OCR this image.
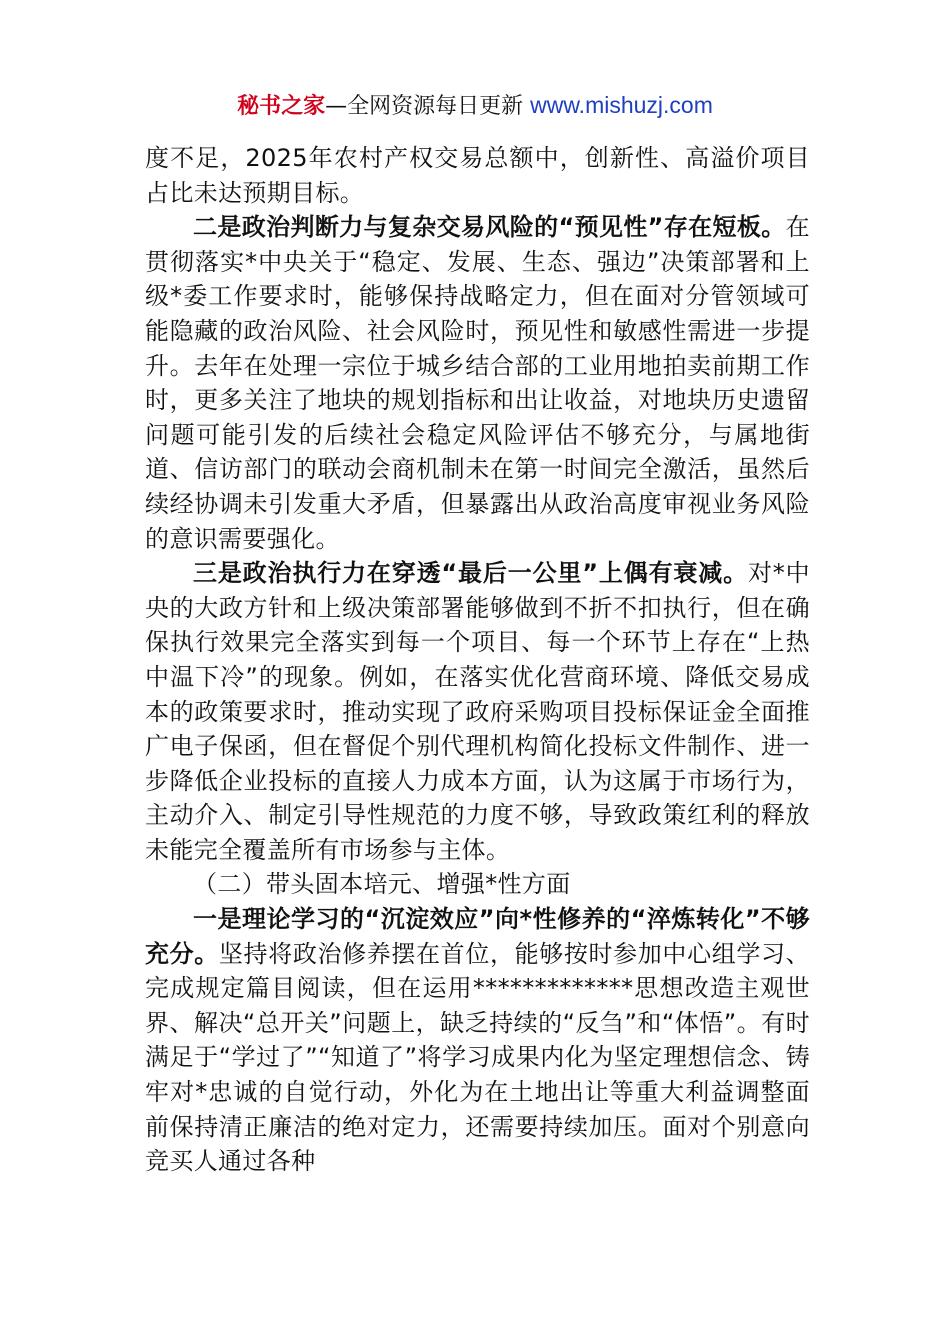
秘书之家—全网资源每日更新 www.mishuzj.com

度不足，2025年农村产权交易总额中，创新性、高溢价项目占比未达预期目标。

二是政治判断力与复杂交易风险的“预见性”存在短板。在贯彻落实*中央关于“稳定、发展、生态、强边”决策部署和上级*委工作要求时，能够保持战略定力，但在面对分管领域可能隐藏的政治风险、社会风险时，预见性和敏感性需进一步提升。去年在处理一宗位于城乡结合部的工业用地拍卖前期工作时，更多关注了地块的规划指标和出让收益，对地块历史遗留问题可能引发的后续社会稳定风险评估不够充分，与属地街道、信访部门的联动会商机制未在第一时间完全激活，虽然后续经协调未引发重大矛盾，但暴露出从政治高度审视业务风险的意识需要强化。

三是政治执行力在穿透“最后一公里”上偶有衰减。对*中央的大政方针和上级决策部署能够做到不折不扣执行，但在确保执行效果完全落实到每一个项目、每一个环节上存在“上热中温下冷”的现象。例如，在落实优化营商环境、降低交易成本的政策要求时，推动实现了政府采购项目投标保证金全面推广电子保函，但在督促个别代理机构简化投标文件制作、进一步降低企业投标的直接人力成本方面，认为这属于市场行为，主动介入、制定引导性规范的力度不够，导致政策红利的释放未能完全覆盖所有市场参与主体。

（二）带头固本培元、增强*性方面

一是理论学习的“沉淀效应”向*性修养的“淬炼转化”不够充分。坚持将政治修养摆在首位，能够按时参加中心组学习、完成规定篇目阅读，但在运用*************思想改造主观世界、解决“总开关”问题上，缺乏持续的“反刍”和“体悟”。有时满足于“学过了”“知道了”将学习成果内化为坚定理想信念、铸牢对*忠诚的自觉行动，外化为在土地出让等重大利益调整面前保持清正廉洁的绝对定力，还需要持续加压。面对个别意向竞买人通过各种
